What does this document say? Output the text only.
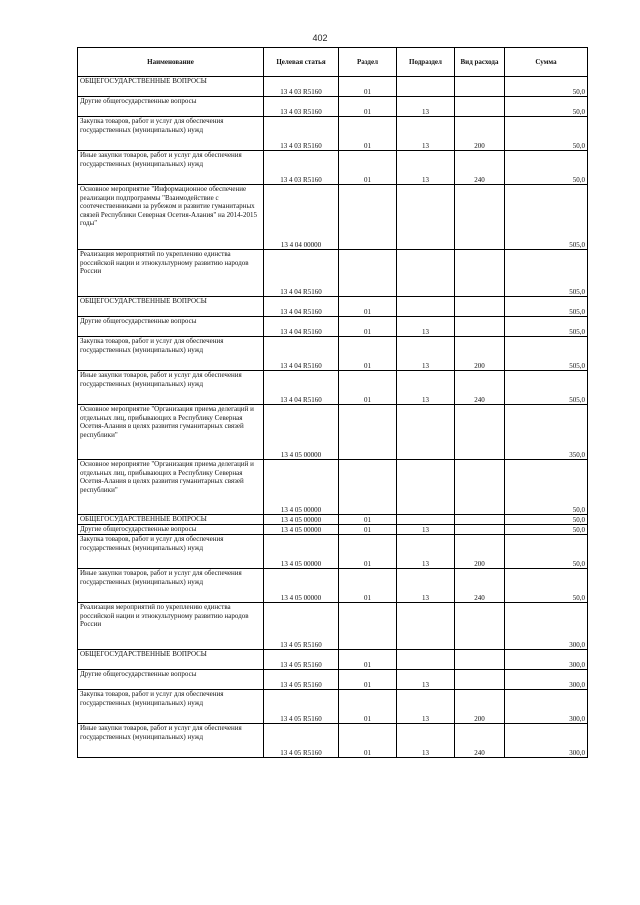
402
Наименование	Целевая статья	Раздел	Подраздел	Вид расхода	Сумма
ОБЩЕГОСУДАРСТВЕННЫЕ ВОПРОСЫ	13 4 03 R5160	01			50,0
Другие общегосударственные вопросы	13 4 03 R5160	01	13		50,0
Закупка товаров, работ и услуг для обеспечения государственных (муниципальных) нужд	13 4 03 R5160	01	13	200	50,0
Иные закупки товаров, работ и услуг для обеспечения государственных (муниципальных) нужд	13 4 03 R5160	01	13	240	50,0
Основное мероприятие "Информационное обеспечение реализации подпрограммы "Взаимодействие с соотечественниками за рубежом и развитие гуманитарных связей Республики Северная Осетия-Алания" на 2014-2015 годы"	13 4 04 00000				505,0
Реализация мероприятий по укреплению единства российской нации и этнокультурному развитию народов России	13 4 04 R5160				505,0
ОБЩЕГОСУДАРСТВЕННЫЕ ВОПРОСЫ	13 4 04 R5160	01			505,0
Другие общегосударственные вопросы	13 4 04 R5160	01	13		505,0
Закупка товаров, работ и услуг для обеспечения государственных (муниципальных) нужд	13 4 04 R5160	01	13	200	505,0
Иные закупки товаров, работ и услуг для обеспечения государственных (муниципальных) нужд	13 4 04 R5160	01	13	240	505,0
Основное мероприятие "Организация приема делегаций и отдельных лиц, прибывающих в Республику Северная Осетия-Алания в целях развития гуманитарных связей республики"	13 4 05 00000				350,0
Основное мероприятие "Организация приема делегаций и отдельных лиц, прибывающих в Республику Северная Осетия-Алания в целях развития гуманитарных связей республики"	13 4 05 00000				50,0
ОБЩЕГОСУДАРСТВЕННЫЕ ВОПРОСЫ	13 4 05 00000	01			50,0
Другие общегосударственные вопросы	13 4 05 00000	01	13		50,0
Закупка товаров, работ и услуг для обеспечения государственных (муниципальных) нужд	13 4 05 00000	01	13	200	50,0
Иные закупки товаров, работ и услуг для обеспечения государственных (муниципальных) нужд	13 4 05 00000	01	13	240	50,0
Реализация мероприятий по укреплению единства российской нации и этнокультурному развитию народов России	13 4 05 R5160				300,0
ОБЩЕГОСУДАРСТВЕННЫЕ ВОПРОСЫ	13 4 05 R5160	01			300,0
Другие общегосударственные вопросы	13 4 05 R5160	01	13		300,0
Закупка товаров, работ и услуг для обеспечения государственных (муниципальных) нужд	13 4 05 R5160	01	13	200	300,0
Иные закупки товаров, работ и услуг для обеспечения государственных (муниципальных) нужд	13 4 05 R5160	01	13	240	300,0
